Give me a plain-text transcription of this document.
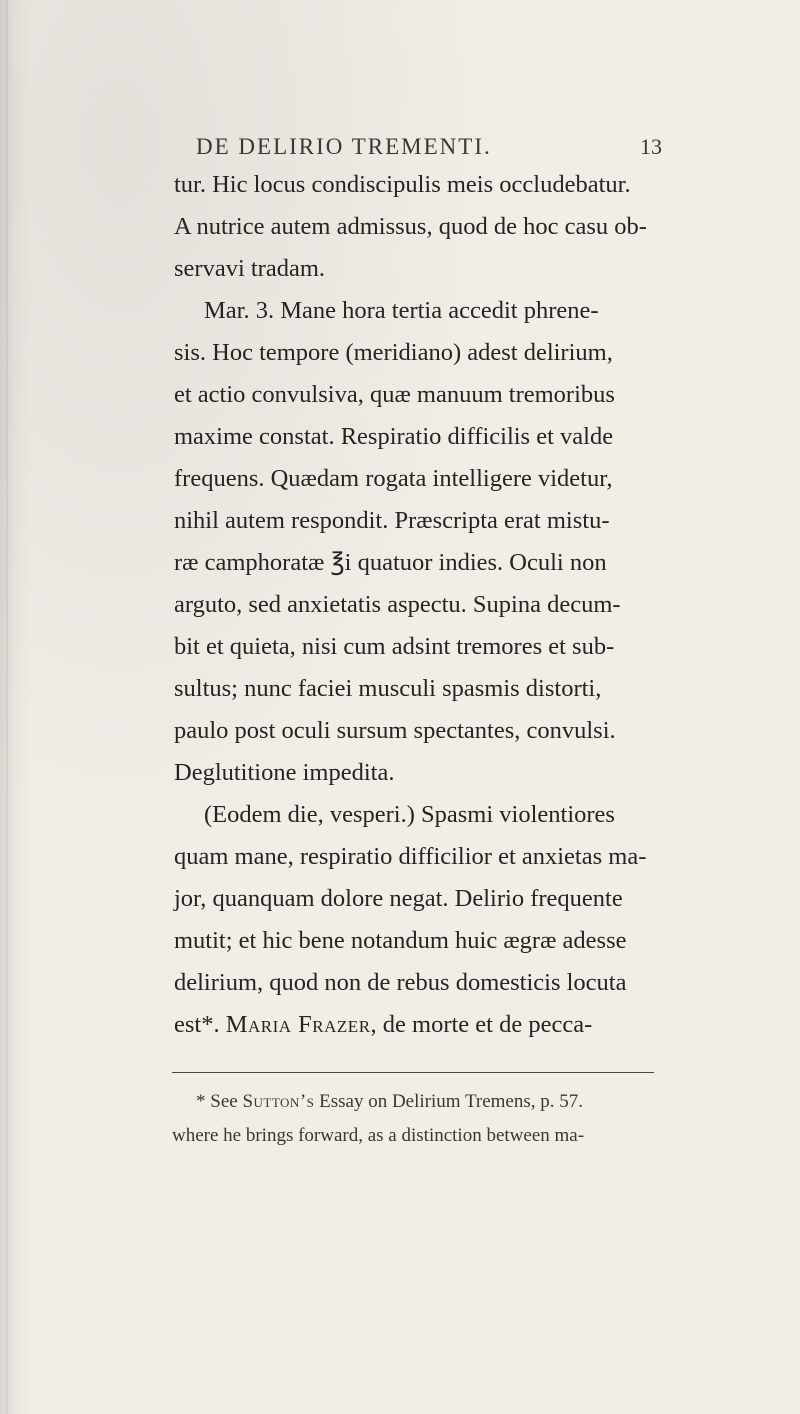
DE DELIRIO TREMENTI.	13
tur. Hic locus condiscipulis meis occludebatur.
A nutrice autem admissus, quod de hoc casu ob-
servavi tradam.
Mar. 3. Mane hora tertia accedit phrene-
sis. Hoc tempore (meridiano) adest delirium,
et actio convulsiva, quæ manuum tremoribus
maxime constat. Respiratio difficilis et valde
frequens. Quædam rogata intelligere videtur,
nihil autem respondit. Præscripta erat mistu-
ræ camphoratæ ℥i quatuor indies. Oculi non
arguto, sed anxietatis aspectu. Supina decum-
bit et quieta, nisi cum adsint tremores et sub-
sultus; nunc faciei musculi spasmis distorti,
paulo post oculi sursum spectantes, convulsi.
Deglutitione impedita.
(Eodem die, vesperi.) Spasmi violentiores
quam mane, respiratio difficilior et anxietas ma-
jor, quanquam dolore negat. Delirio frequente
mutit; et hic bene notandum huic ægræ adesse
delirium, quod non de rebus domesticis locuta
est*. Maria Frazer, de morte et de pecca-
* See Sutton’s Essay on Delirium Tremens, p. 57.
where he brings forward, as a distinction between ma-
